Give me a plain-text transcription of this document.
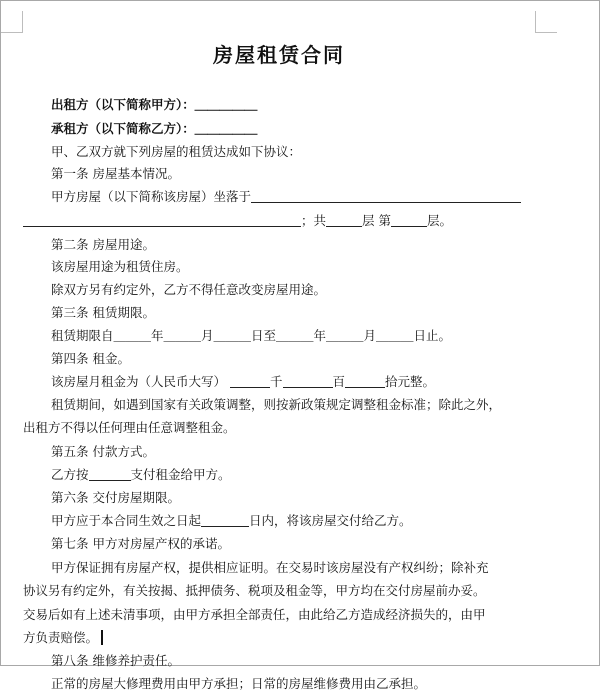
房屋租赁合同
出租方（以下简称甲方）：＿＿＿＿＿
承租方（以下简称乙方）：＿＿＿＿＿
甲、乙双方就下列房屋的租赁达成如下协议：
第一条 房屋基本情况。
甲方房屋（以下简称该房屋）坐落于
；共	层 第	层。
第二条 房屋用途。
该房屋用途为租赁住房。
除双方另有约定外，乙方不得任意改变房屋用途。
第三条 租赁期限。
租赁期限自＿＿＿年＿＿＿月＿＿＿日至＿＿＿年＿＿＿月＿＿＿日止。
第四条 租金。
该房屋月租金为（人民币大写）	千	百	拾元整。
租赁期间，如遇到国家有关政策调整，则按新政策规定调整租金标准；除此之外，
出租方不得以任何理由任意调整租金。
第五条 付款方式。
乙方按	支付租金给甲方。
第六条 交付房屋期限。
甲方应于本合同生效之日起	日内，将该房屋交付给乙方。
第七条 甲方对房屋产权的承诺。
甲方保证拥有房屋产权，提供相应证明。在交易时该房屋没有产权纠纷；除补充
协议另有约定外，有关按揭、抵押债务、税项及租金等，甲方均在交付房屋前办妥。
交易后如有上述未清事项，由甲方承担全部责任，由此给乙方造成经济损失的，由甲
方负责赔偿。
第八条 维修养护责任。
正常的房屋大修理费用由甲方承担；日常的房屋维修费用由乙承担。
